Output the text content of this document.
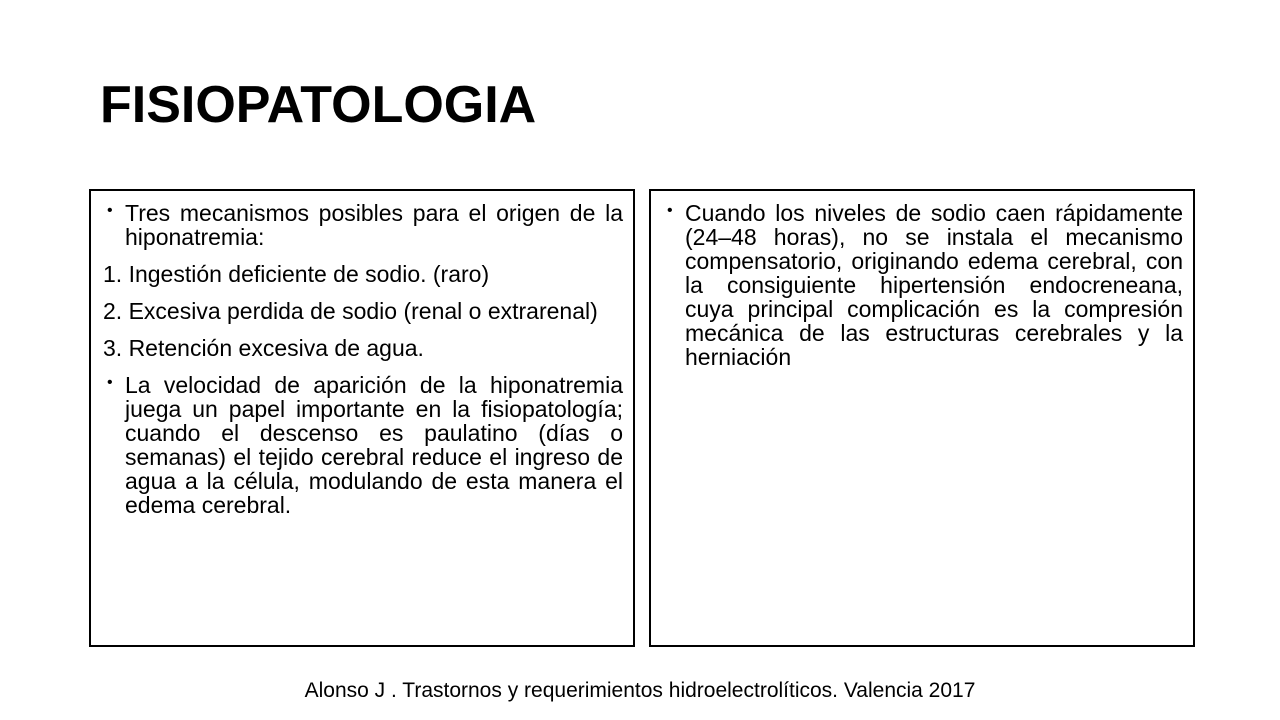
FISIOPATOLOGIA
• Tres mecanismos posibles para el origen de la hiponatremia:
1. Ingestión deficiente de sodio. (raro)
2. Excesiva perdida de sodio (renal o extrarenal)
3. Retención excesiva de agua.
• La velocidad de aparición de la hiponatremia juega un papel importante en la fisiopatología; cuando el descenso es paulatino (días o semanas) el tejido cerebral reduce el ingreso de agua a la célula, modulando de esta manera el edema cerebral.
• Cuando los niveles de sodio caen rápidamente (24–48 horas), no se instala el mecanismo compensatorio, originando edema cerebral, con la consiguiente hipertensión endocreneana, cuya principal complicación es la compresión mecánica de las estructuras cerebrales y la herniación
Alonso J . Trastornos y requerimientos hidroelectrolíticos. Valencia 2017
